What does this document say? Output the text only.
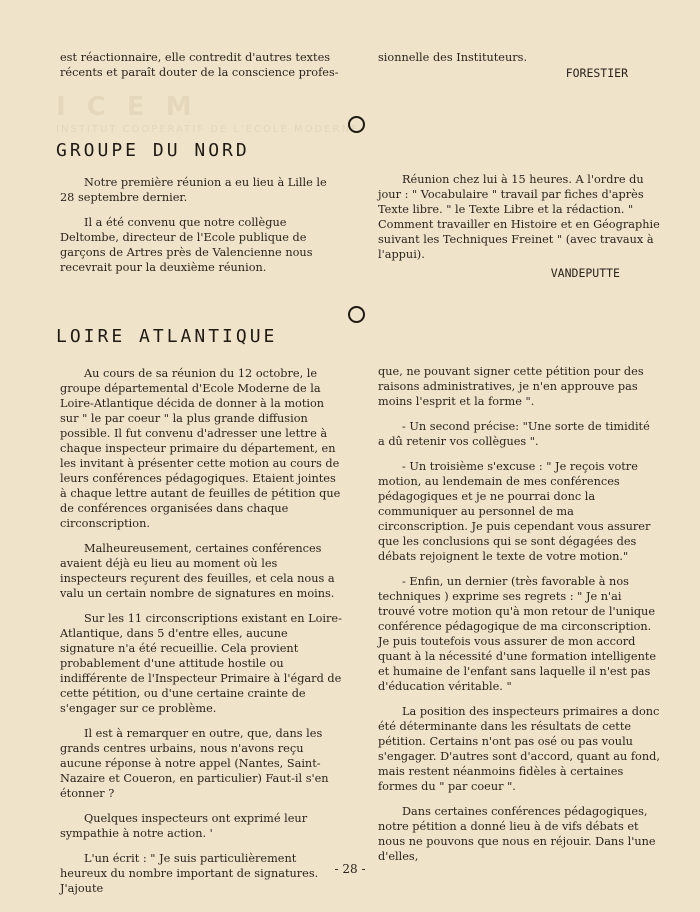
I C E M
INSTITUT COOPERATIF DE L'ECOLE MODERNE

est réactionnaire, elle contredit d'autres textes récents et paraît douter de la conscience profes-

sionnelle des Instituteurs.

FORESTIER
GROUPE DU NORD

Notre première réunion a eu lieu à Lille le 28 septembre dernier.

Il a été convenu que notre collègue Deltombe, directeur de l'Ecole publique de garçons de Artres près de Valencienne nous recevrait pour la deuxième réunion.

Réunion chez lui à 15 heures. A l'ordre du jour : " Vocabulaire " travail par fiches d'après Texte libre. " le Texte Libre et la rédaction. " Comment travailler en Histoire et en Géographie suivant les Techniques Freinet " (avec travaux à l'appui).

VANDEPUTTE
LOIRE ATLANTIQUE

Au cours de sa réunion du 12 octobre, le groupe départemental d'Ecole Moderne de la Loire-Atlantique décida de donner à la motion sur " le par coeur " la plus grande diffusion possible. Il fut convenu d'adresser une lettre à chaque inspecteur primaire du département, en les invitant à présenter cette motion au cours de leurs conférences pédagogiques. Etaient jointes à chaque lettre autant de feuilles de pétition que de conférences organisées dans chaque circonscription.

Malheureusement, certaines conférences avaient déjà eu lieu au moment où les inspecteurs reçurent des feuilles, et cela nous a valu un certain nombre de signatures en moins.

Sur les 11 circonscriptions existant en Loire-Atlantique, dans 5 d'entre elles, aucune signature n'a été recueillie. Cela provient probablement d'une attitude hostile ou indifférente de l'Inspecteur Primaire à l'égard de cette pétition, ou d'une certaine crainte de s'engager sur ce problème.

Il est à remarquer en outre, que, dans les grands centres urbains, nous n'avons reçu aucune réponse à notre appel (Nantes, Saint-Nazaire et Coueron, en particulier) Faut-il s'en étonner ?

Quelques inspecteurs ont exprimé leur sympathie à notre action. '

L'un écrit : " Je suis particulièrement heureux du nombre important de signatures. J'ajoute

que, ne pouvant signer cette pétition pour des raisons administratives, je n'en approuve pas moins l'esprit et la forme ".

- Un second précise: "Une sorte de timidité a dû retenir vos collègues ".

- Un troisième s'excuse : " Je reçois votre motion, au lendemain de mes conférences pédagogiques et je ne pourrai donc la communiquer au personnel de ma circonscription. Je puis cependant vous assurer que les conclusions qui se sont dégagées des débats rejoignent le texte de votre motion."

- Enfin, un dernier (très favorable à nos techniques ) exprime ses regrets : " Je n'ai trouvé votre motion qu'à mon retour de l'unique conférence pédagogique de ma circonscription. Je puis toutefois vous assurer de mon accord quant à la nécessité d'une formation intelligente et humaine de l'enfant sans laquelle il n'est pas d'éducation véritable. "

La position des inspecteurs primaires a donc été déterminante dans les résultats de cette pétition. Certains n'ont pas osé ou pas voulu s'engager. D'autres sont d'accord, quant au fond, mais restent néanmoins fidèles à certaines formes du " par coeur ".

Dans certaines conférences pédagogiques, notre pétition a donné lieu à de vifs débats et nous ne pouvons que nous en réjouir. Dans l'une d'elles,

- 28 -
